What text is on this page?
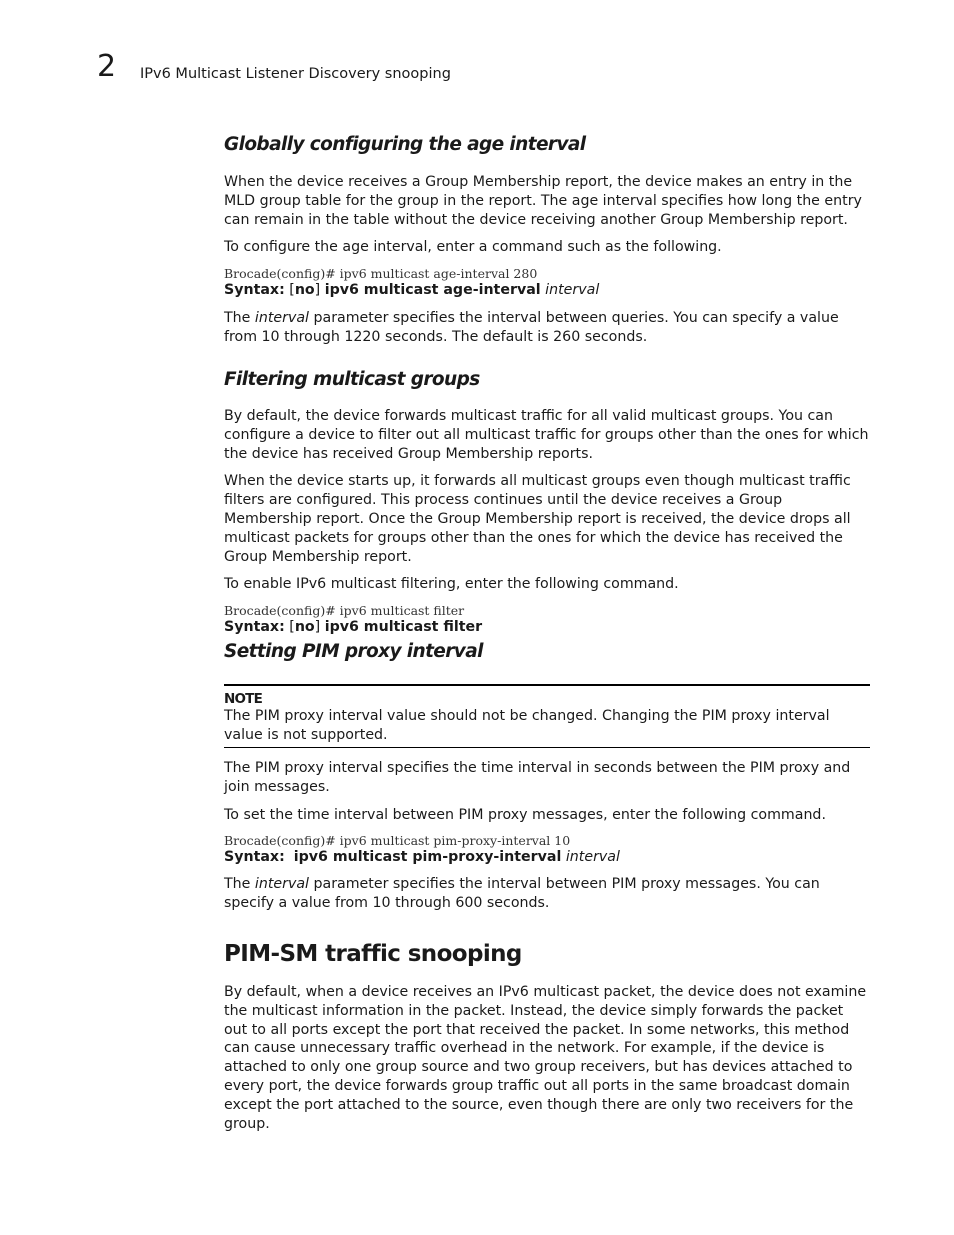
2 IPv6 Multicast Listener Discovery snooping
Globally configuring the age interval

When the device receives a Group Membership report, the device makes an entry in the MLD group table for the group in the report. The age interval specifies how long the entry can remain in the table without the device receiving another Group Membership report.

To configure the age interval, enter a command such as the following.

Brocade(config)# ipv6 multicast age-interval 280

Syntax: [no] ipv6 multicast age-interval interval

The interval parameter specifies the interval between queries. You can specify a value from 10 through 1220 seconds. The default is 260 seconds.

Filtering multicast groups

By default, the device forwards multicast traffic for all valid multicast groups. You can configure a device to filter out all multicast traffic for groups other than the ones for which the device has received Group Membership reports.

When the device starts up, it forwards all multicast groups even though multicast traffic filters are configured. This process continues until the device receives a Group Membership report. Once the Group Membership report is received, the device drops all multicast packets for groups other than the ones for which the device has received the Group Membership report.

To enable IPv6 multicast filtering, enter the following command.

Brocade(config)# ipv6 multicast filter

Syntax: [no] ipv6 multicast filter

Setting PIM proxy interval

NOTE

The PIM proxy interval value should not be changed. Changing the PIM proxy interval value is not supported.

The PIM proxy interval specifies the time interval in seconds between the PIM proxy and join messages.

To set the time interval between PIM proxy messages, enter the following command.

Brocade(config)# ipv6 multicast pim-proxy-interval 10

Syntax: ipv6 multicast pim-proxy-interval interval

The interval parameter specifies the interval between PIM proxy messages. You can specify a value from 10 through 600 seconds.

PIM-SM traffic snooping

By default, when a device receives an IPv6 multicast packet, the device does not examine the multicast information in the packet. Instead, the device simply forwards the packet out to all ports except the port that received the packet. In some networks, this method can cause unnecessary traffic overhead in the network. For example, if the device is attached to only one group source and two group receivers, but has devices attached to every port, the device forwards group traffic out all ports in the same broadcast domain except the port attached to the source, even though there are only two receivers for the group.
